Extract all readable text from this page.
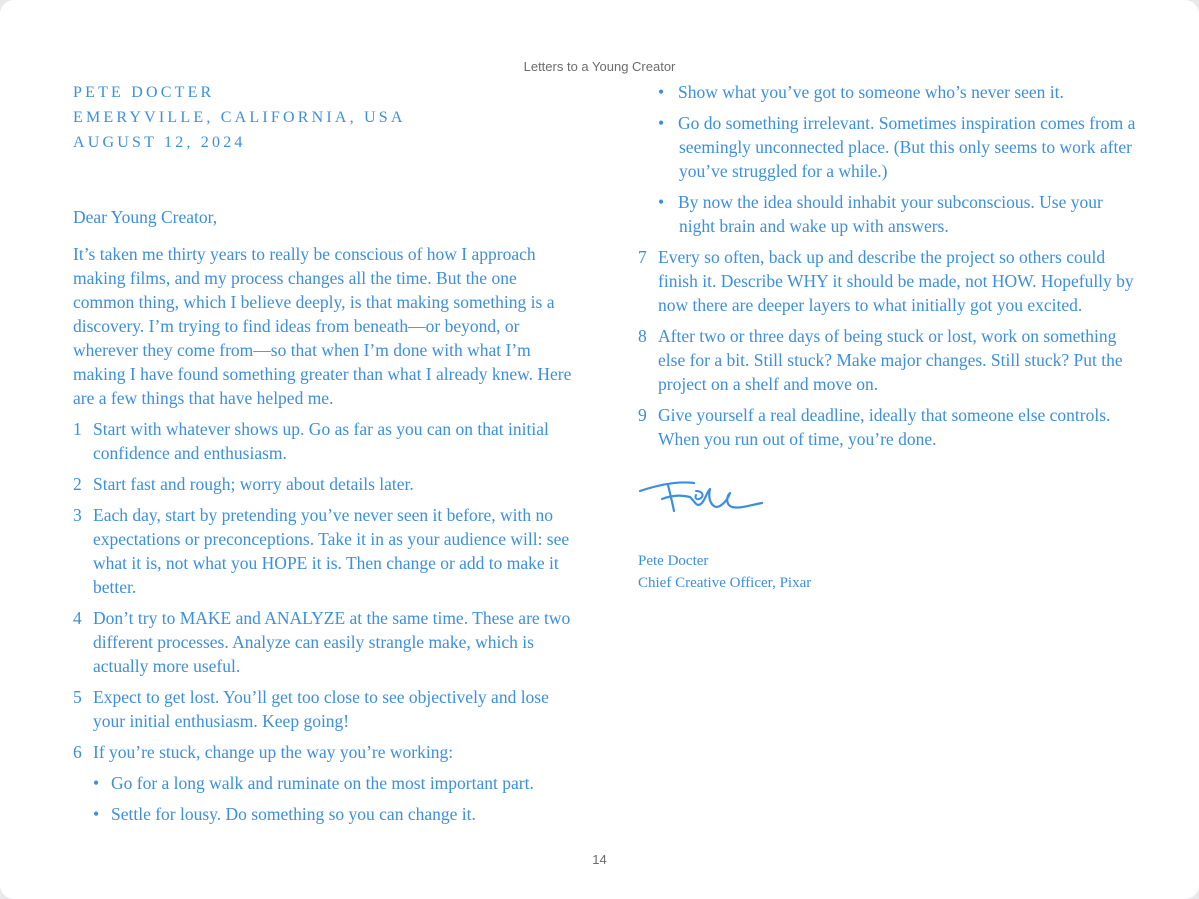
Letters to a Young Creator
PETE DOCTER
EMERYVILLE, CALIFORNIA, USA
AUGUST 12, 2024
Dear Young Creator,
It’s taken me thirty years to really be conscious of how I approach making films, and my process changes all the time. But the one common thing, which I believe deeply, is that making something is a discovery. I’m trying to find ideas from beneath—or beyond, or wherever they come from—so that when I’m done with what I’m making I have found something greater than what I already knew. Here are a few things that have helped me.
1 Start with whatever shows up. Go as far as you can on that initial confidence and enthusiasm.
2 Start fast and rough; worry about details later.
3 Each day, start by pretending you’ve never seen it before, with no expectations or preconceptions. Take it in as your audience will: see what it is, not what you HOPE it is. Then change or add to make it better.
4 Don’t try to MAKE and ANALYZE at the same time. These are two different processes. Analyze can easily strangle make, which is actually more useful.
5 Expect to get lost. You’ll get too close to see objectively and lose your initial enthusiasm. Keep going!
6 If you’re stuck, change up the way you’re working:
• Go for a long walk and ruminate on the most important part.
• Settle for lousy. Do something so you can change it.
• Show what you’ve got to someone who’s never seen it.
• Go do something irrelevant. Sometimes inspiration comes from a seemingly unconnected place. (But this only seems to work after you’ve struggled for a while.)
• By now the idea should inhabit your subconscious. Use your night brain and wake up with answers.
7 Every so often, back up and describe the project so others could finish it. Describe WHY it should be made, not HOW. Hopefully by now there are deeper layers to what initially got you excited.
8 After two or three days of being stuck or lost, work on something else for a bit. Still stuck? Make major changes. Still stuck? Put the project on a shelf and move on.
9 Give yourself a real deadline, ideally that someone else controls. When you run out of time, you’re done.
Pete Docter
Chief Creative Officer, Pixar
14
